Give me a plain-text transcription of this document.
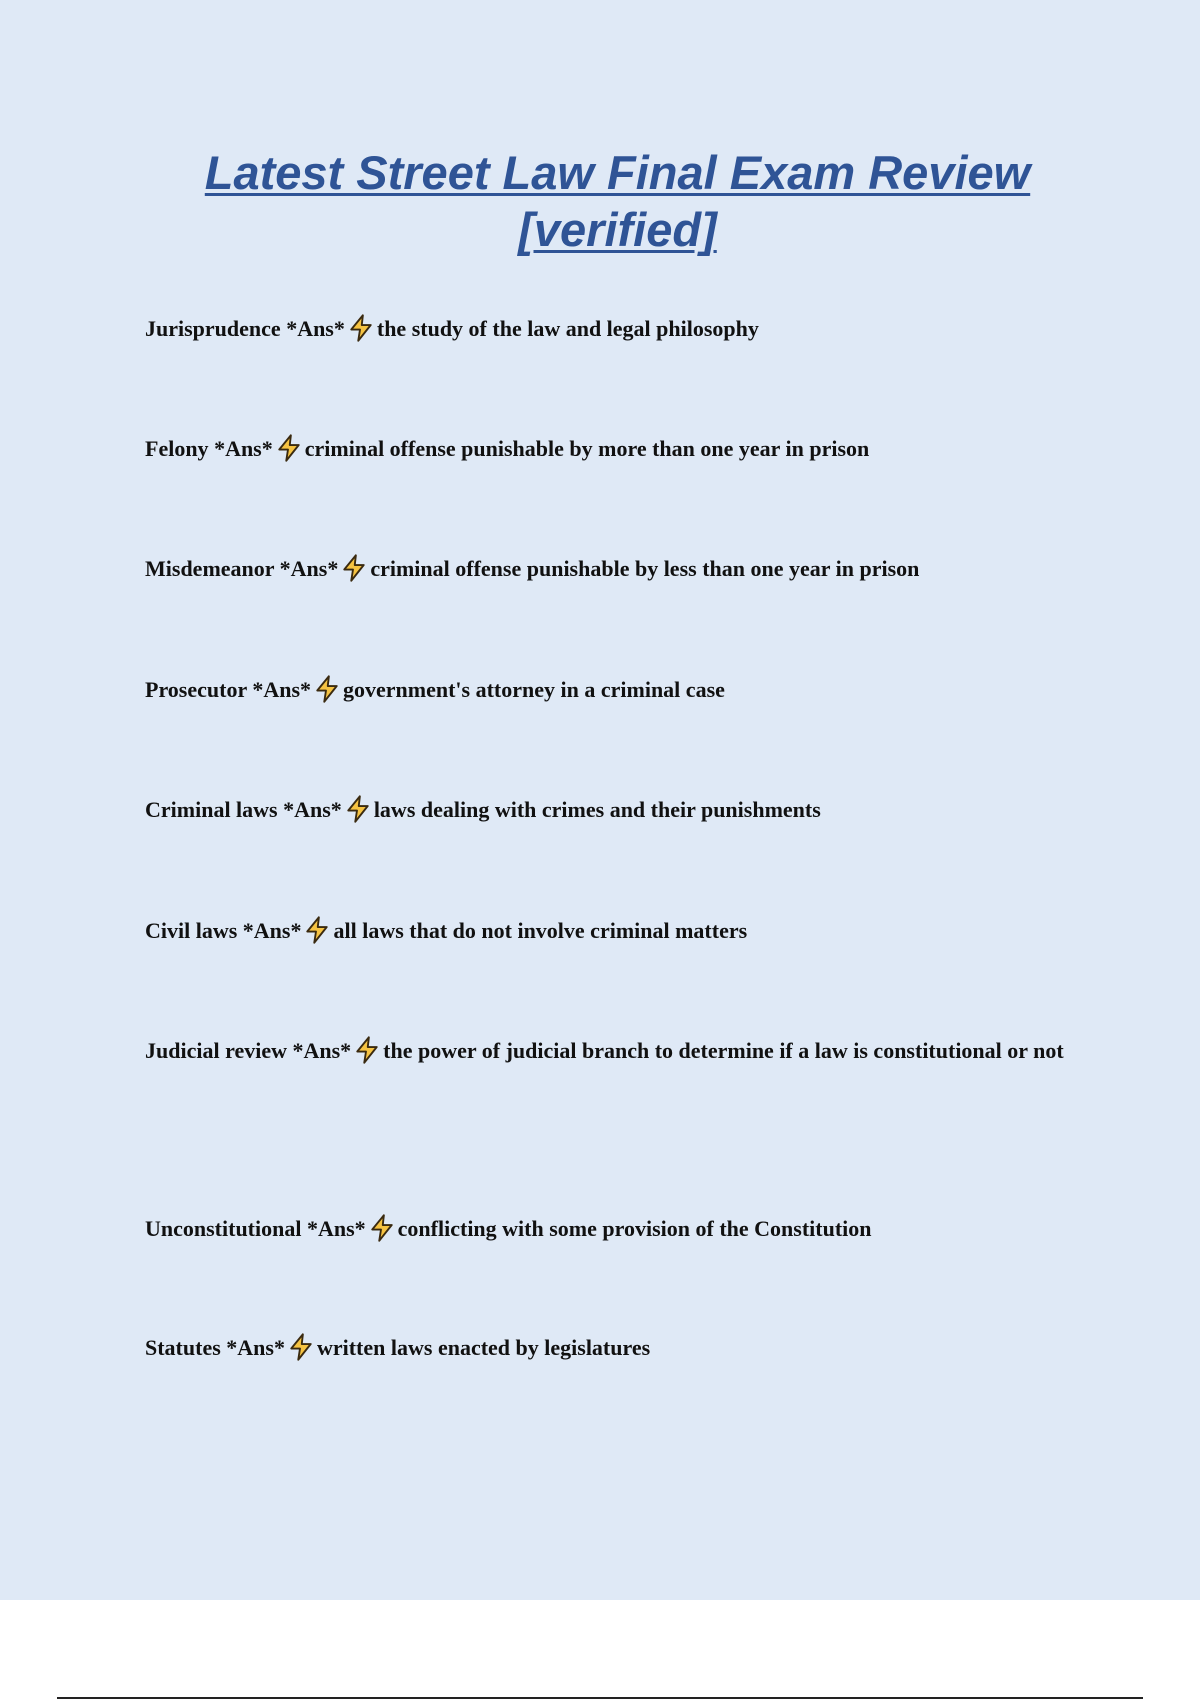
Latest Street Law Final Exam Review [verified]
Jurisprudence *Ans* the study of the law and legal philosophy
Felony *Ans* criminal offense punishable by more than one year in prison
Misdemeanor *Ans* criminal offense punishable by less than one year in prison
Prosecutor *Ans* government's attorney in a criminal case
Criminal laws *Ans* laws dealing with crimes and their punishments
Civil laws *Ans* all laws that do not involve criminal matters
Judicial review *Ans* the power of judicial branch to determine if a law is constitutional or not
Unconstitutional *Ans* conflicting with some provision of the Constitution
Statutes *Ans* written laws enacted by legislatures
